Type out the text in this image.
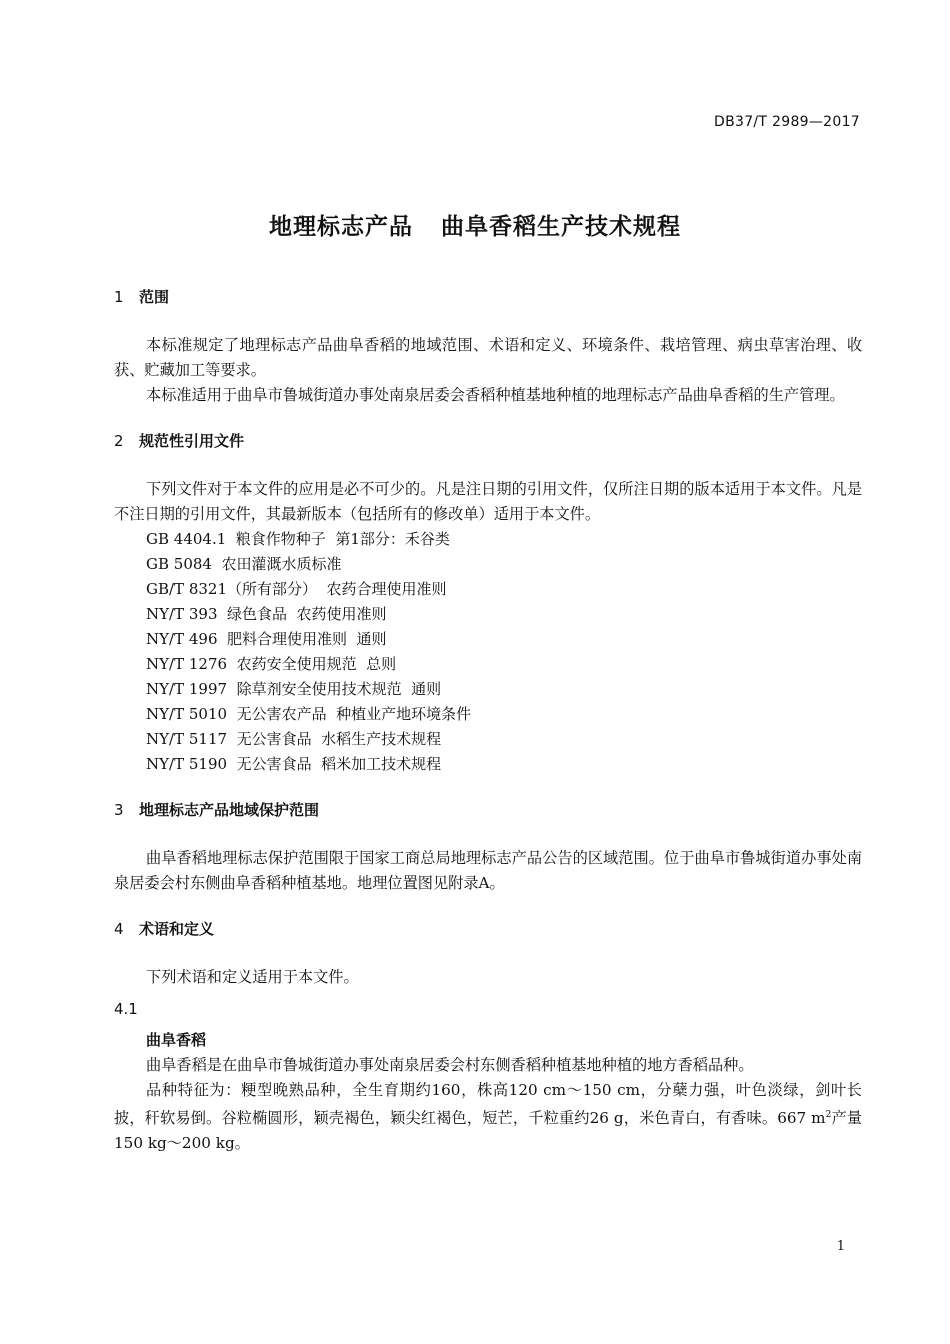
DB37/T 2989—2017
地理标志产品 曲阜香稻生产技术规程
1 范围

本标准规定了地理标志产品曲阜香稻的地域范围、术语和定义、环境条件、栽培管理、病虫草害治理、收获、贮藏加工等要求。

本标准适用于曲阜市鲁城街道办事处南泉居委会香稻种植基地种植的地理标志产品曲阜香稻的生产管理。

2 规范性引用文件

下列文件对于本文件的应用是必不可少的。凡是注日期的引用文件，仅所注日期的版本适用于本文件。凡是不注日期的引用文件，其最新版本（包括所有的修改单）适用于本文件。

GB 4404.1  粮食作物种子  第1部分：禾谷类
GB 5084  农田灌溉水质标准
GB/T 8321（所有部分）  农药合理使用准则
NY/T 393  绿色食品  农药使用准则
NY/T 496  肥料合理使用准则  通则
NY/T 1276  农药安全使用规范  总则
NY/T 1997  除草剂安全使用技术规范  通则
NY/T 5010  无公害农产品  种植业产地环境条件
NY/T 5117  无公害食品  水稻生产技术规程
NY/T 5190  无公害食品  稻米加工技术规程
3 地理标志产品地域保护范围

曲阜香稻地理标志保护范围限于国家工商总局地理标志产品公告的区域范围。位于曲阜市鲁城街道办事处南泉居委会村东侧曲阜香稻种植基地。地理位置图见附录A。

4 术语和定义

下列术语和定义适用于本文件。

4.1
曲阜香稻

曲阜香稻是在曲阜市鲁城街道办事处南泉居委会村东侧香稻种植基地种植的地方香稻品种。

品种特征为：粳型晚熟品种，全生育期约160，株高120 cm～150 cm，分蘖力强，叶色淡绿，剑叶长披，秆软易倒。谷粒椭圆形，颖壳褐色，颖尖红褐色，短芒，千粒重约26 g，米色青白，有香味。667 $m^2$产量150 kg～200 kg。

1
